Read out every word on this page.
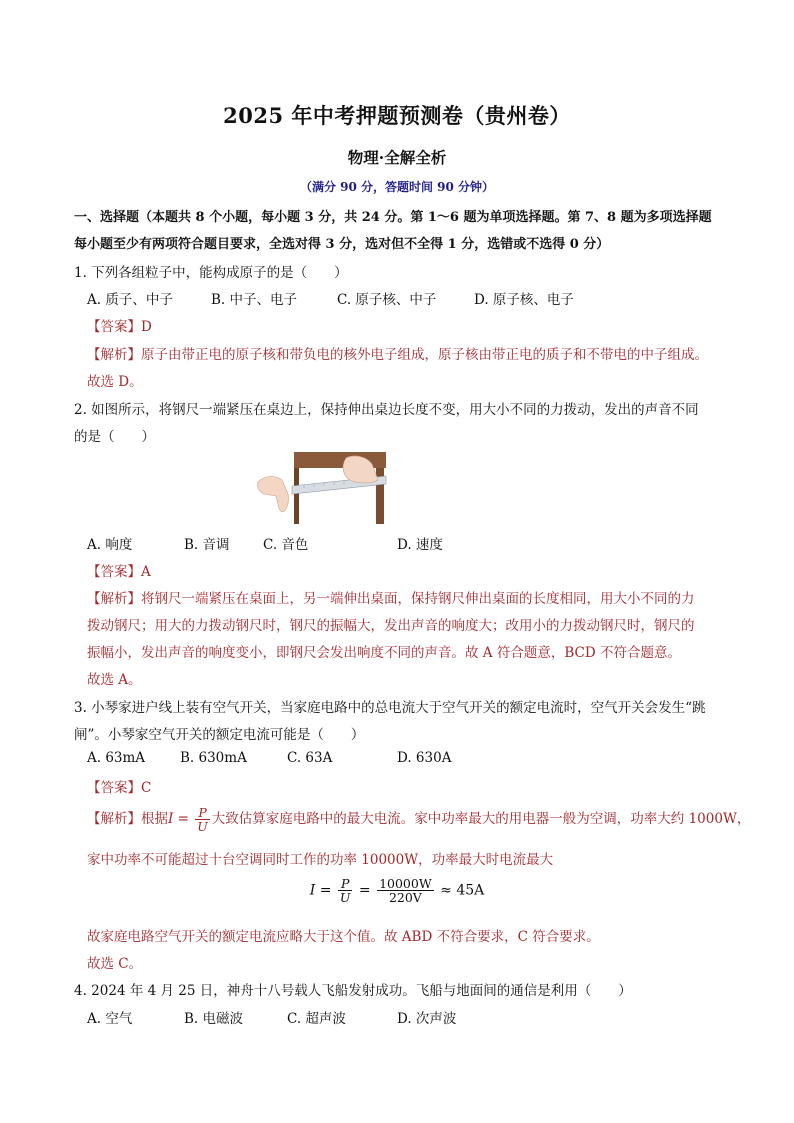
2025 年中考押题预测卷（贵州卷）
物理·全解全析
（满分 90 分，答题时间 90 分钟）
一、选择题（本题共 8 个小题，每小题 3 分，共 24 分。第 1～6 题为单项选择题。第 7、8 题为多项选择题
每小题至少有两项符合题目要求，全选对得 3 分，选对但不全得 1 分，选错或不选得 0 分）
1. 下列各组粒子中，能构成原子的是（　　）
A. 质子、中子	B. 中子、电子	C. 原子核、中子	D. 原子核、电子
【答案】D
【解析】原子由带正电的原子核和带负电的核外电子组成，原子核由带正电的质子和不带电的中子组成。
故选 D。
2. 如图所示，将钢尺一端紧压在桌边上，保持伸出桌边长度不变，用大小不同的力拨动，发出的声音不同
的是（　　）
A. 响度	B. 音调 C. 音色	D. 速度
【答案】A
【解析】将钢尺一端紧压在桌面上，另一端伸出桌面，保持钢尺伸出桌面的长度相同，用大小不同的力
拨动钢尺；用大的力拨动钢尺时，钢尺的振幅大，发出声音的响度大；改用小的力拨动钢尺时，钢尺的
振幅小，发出声音的响度变小，即钢尺会发出响度不同的声音。故 A 符合题意，BCD 不符合题意。
故选 A。
3. 小琴家进户线上装有空气开关，当家庭电路中的总电流大于空气开关的额定电流时，空气开关会发生“跳
闸”。小琴家空气开关的额定电流可能是（　　）
A. 63mA	B. 630mA	C. 63A	D. 630A
【答案】C
【解析】根据$I = \frac{P}{U}$ 大致估算家庭电路中的最大电流。家中功率最大的用电器一般为空调，功率大约 1000W，
家中功率不可能超过十台空调同时工作的功率 10000W，功率最大时电流最大
$I = \frac{P}{U} = \frac{10000W}{220V} \approx 45A$
故家庭电路空气开关的额定电流应略大于这个值。故 ABD 不符合要求，C 符合要求。
故选 C。
4. 2024 年 4 月 25 日，神舟十八号载人飞船发射成功。飞船与地面间的通信是利用（　　）
A. 空气	B. 电磁波	C. 超声波	D. 次声波
